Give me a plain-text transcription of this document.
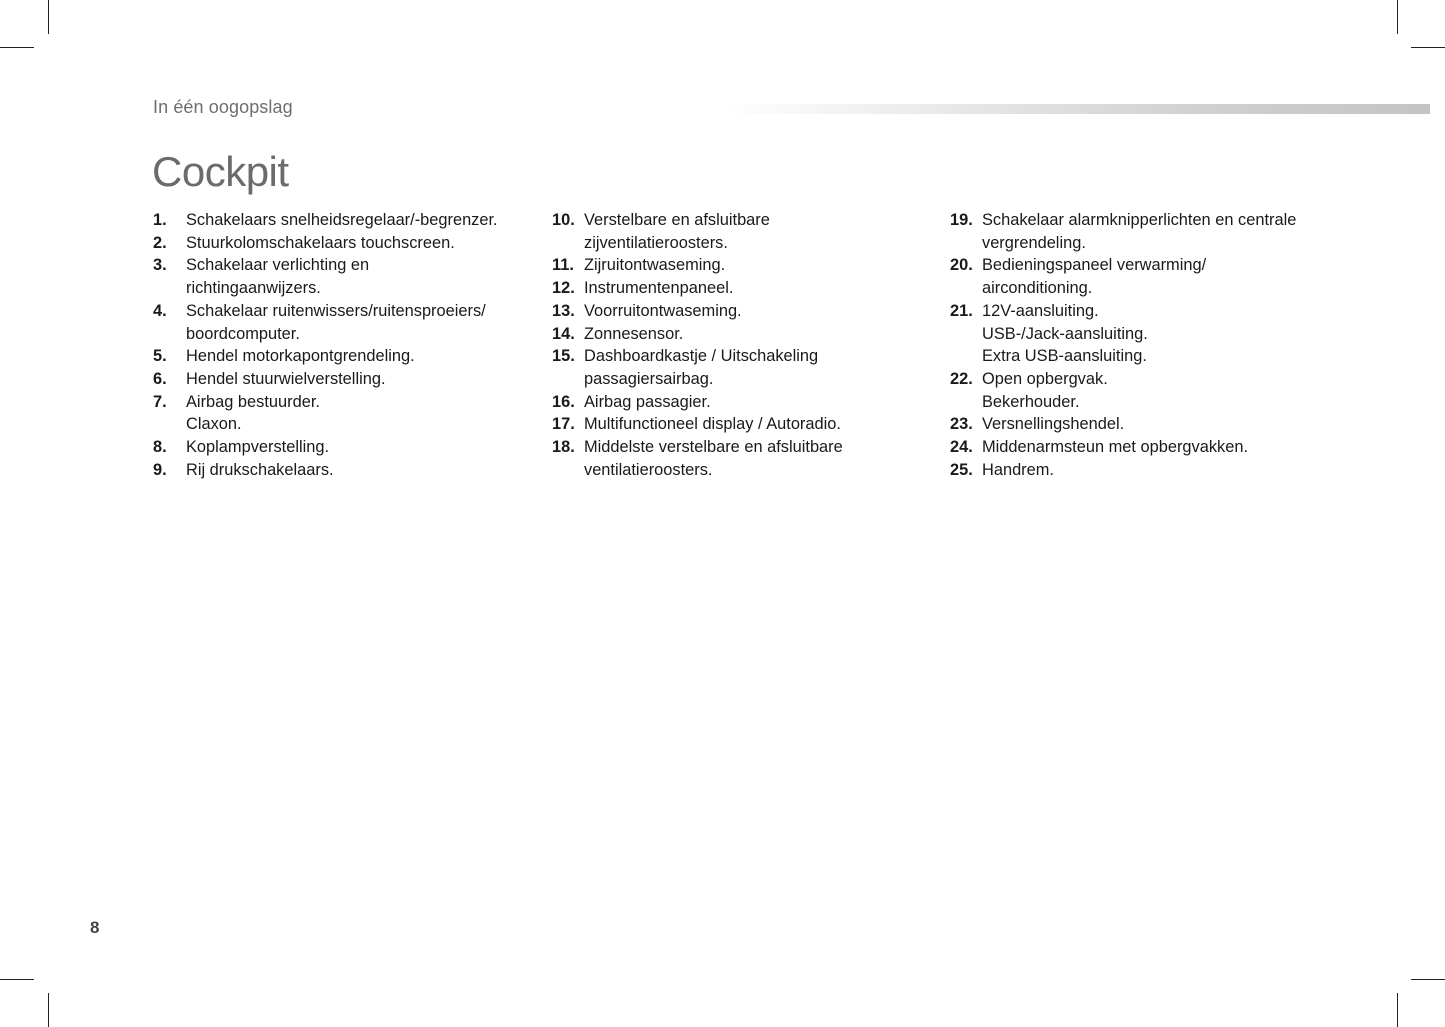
In één oogopslag
Cockpit
1.	Schakelaars snelheidsregelaar/-begrenzer.
2.	Stuurkolomschakelaars touchscreen.
3.	Schakelaar verlichting en
richtingaanwijzers.
4.	Schakelaar ruitenwissers/ruitensproeiers/
boordcomputer.
5.	Hendel motorkapontgrendeling.
6.	Hendel stuurwielverstelling.
7.	Airbag bestuurder.
Claxon.
8.	Koplampverstelling.
9.	Rij drukschakelaars.
10. Verstelbare en afsluitbare
zijventilatieroosters.
11. Zijruitontwaseming.
12. Instrumentenpaneel.
13. Voorruitontwaseming.
14. Zonnesensor.
15. Dashboardkastje / Uitschakeling
passagiersairbag.
16. Airbag passagier.
17. Multifunctioneel display / Autoradio.
18. Middelste verstelbare en afsluitbare
ventilatieroosters.
19. Schakelaar alarmknipperlichten en centrale
vergrendeling.
20. Bedieningspaneel verwarming/
airconditioning.
21. 12V-aansluiting.
USB-/Jack-aansluiting.
Extra USB-aansluiting.
22. Open opbergvak.
Bekerhouder.
23. Versnellingshendel.
24. Middenarmsteun met opbergvakken.
25. Handrem.
8
